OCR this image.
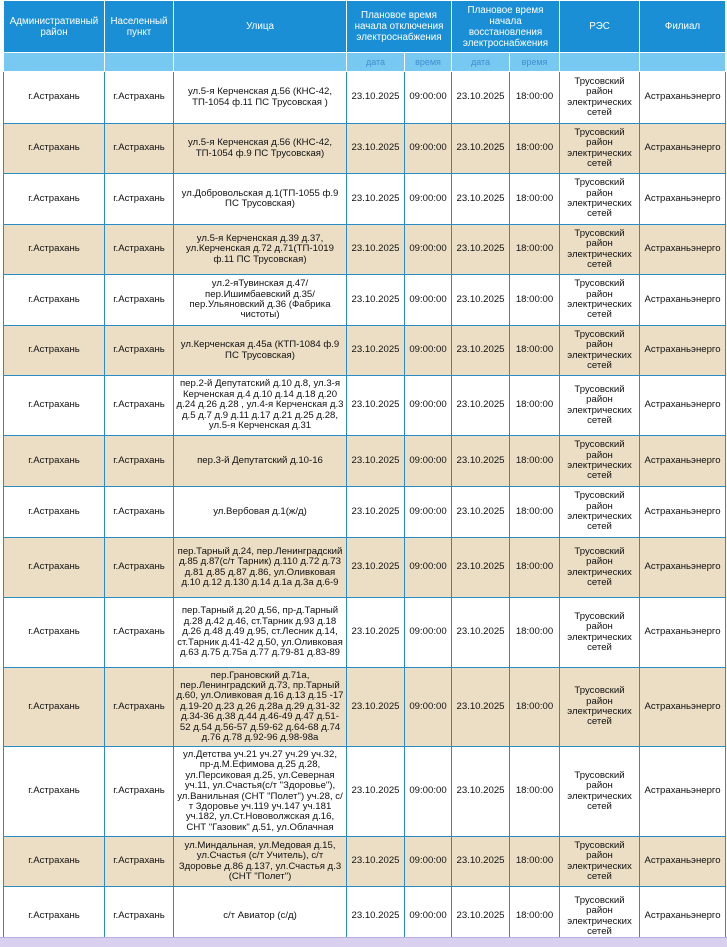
Административный район	Населенный пункт	Улица	Плановое время начала отключения электроснабжения		Плановое время начала восстановления электроснабжения		РЭС	Филиал
			дата	время	дата	время		
г.Астрахань	г.Астрахань	ул.5-я Керченская д.56 (КНС-42, ТП-1054 ф.11 ПС Трусовская )	23.10.2025	09:00:00	23.10.2025	18:00:00	Трусовский район электрических сетей	Астраханьэнерго
г.Астрахань	г.Астрахань	ул.5-я Керченская д.56 (КНС-42, ТП-1054 ф.9 ПС Трусовская)	23.10.2025	09:00:00	23.10.2025	18:00:00	Трусовский район электрических сетей	Астраханьэнерго
г.Астрахань	г.Астрахань	ул.Добровольская д.1(ТП-1055 ф.9 ПС Трусовская)	23.10.2025	09:00:00	23.10.2025	18:00:00	Трусовский район электрических сетей	Астраханьэнерго
г.Астрахань	г.Астрахань	ул.5-я Керченская д.39 д.37, ул.Керченская д.72 д.71(ТП-1019 ф.11 ПС Трусовская)	23.10.2025	09:00:00	23.10.2025	18:00:00	Трусовский район электрических сетей	Астраханьэнерго
г.Астрахань	г.Астрахань	ул.2-яТувинская д.47/ пер.Ишимбаевский д.35/ пер.Ульяновский д.36 (Фабрика чистоты)	23.10.2025	09:00:00	23.10.2025	18:00:00	Трусовский район электрических сетей	Астраханьэнерго
г.Астрахань	г.Астрахань	ул.Керченская д.45а (КТП-1084 ф.9 ПС Трусовская)	23.10.2025	09:00:00	23.10.2025	18:00:00	Трусовский район электрических сетей	Астраханьэнерго
г.Астрахань	г.Астрахань	пер.2-й Депутатский д.10 д.8, ул.3-я Керченская д.4 д.10 д.14 д.18 д.20 д.24 д.26 д.28 , ул.4-я Керченская д.3 д.5 д.7 д.9 д.11 д.17 д.21 д.25 д.28, ул.5-я Керченская д.31	23.10.2025	09:00:00	23.10.2025	18:00:00	Трусовский район электрических сетей	Астраханьэнерго
г.Астрахань	г.Астрахань	пер.3-й Депутатский д.10-16	23.10.2025	09:00:00	23.10.2025	18:00:00	Трусовский район электрических сетей	Астраханьэнерго
г.Астрахань	г.Астрахань	ул.Вербовая д.1(ж/д)	23.10.2025	09:00:00	23.10.2025	18:00:00	Трусовский район электрических сетей	Астраханьэнерго
г.Астрахань	г.Астрахань	пер.Тарный д.24, пер.Ленинградский д.85 д.87(с/т Тарник) д.110 д.72 д.73 д.81 д.85 д.87 д.86, ул.Оливковая д.10 д.12 д.130 д.14 д.1а д.3а д.6-9	23.10.2025	09:00:00	23.10.2025	18:00:00	Трусовский район электрических сетей	Астраханьэнерго
г.Астрахань	г.Астрахань	пер.Тарный д.20 д.56, пр-д.Тарный д.28 д.42 д.46, ст.Тарник д.93 д.18 д.26 д.48 д.49 д.95, ст.Лесник д.14, ст.Тарник д.41-42 д.50, ул.Оливковая д.63 д.75 д.75а д.77 д.79-81 д.83-89	23.10.2025	09:00:00	23.10.2025	18:00:00	Трусовский район электрических сетей	Астраханьэнерго
г.Астрахань	г.Астрахань	пер.Грановский д.71а, пер.Ленинградский д.73, пр.Тарный д.60, ул.Оливковая д.16 д.13 д.15 -17 д.19-20 д.23 д.26 д.28а д.29 д.31-32 д.34-36 д.38 д.44 д.46-49 д.47 д.51-52 д.54 д.56-57 д.59-62 д.64-68 д.74 д.76 д.78 д.92-96 д.98-98а	23.10.2025	09:00:00	23.10.2025	18:00:00	Трусовский район электрических сетей	Астраханьэнерго
г.Астрахань	г.Астрахань	ул.Детства уч.21 уч.27 уч.29 уч.32, пр-д.М.Ефимова д.25 д.28, ул.Персиковая д.25, ул.Северная уч.11, ул.Счастья(с/т "Здоровье"), ул.Ванильная (СНТ "Полет") уч.28, с/т Здоровье уч.119 уч.147 уч.181 уч.182, ул.Ст.Нововолжская д.16, СНТ "Газовик" д.51, ул.Облачная	23.10.2025	09:00:00	23.10.2025	18:00:00	Трусовский район электрических сетей	Астраханьэнерго
г.Астрахань	г.Астрахань	ул.Миндальная, ул.Медовая д.15, ул.Счастья (с/т Учитель), с/т Здоровье д.86 д.137, ул.Счастья д.3 (СНТ "Полет")	23.10.2025	09:00:00	23.10.2025	18:00:00	Трусовский район электрических сетей	Астраханьэнерго
г.Астрахань	г.Астрахань	с/т Авиатор (с/д)	23.10.2025	09:00:00	23.10.2025	18:00:00	Трусовский район электрических сетей	Астраханьэнерго
